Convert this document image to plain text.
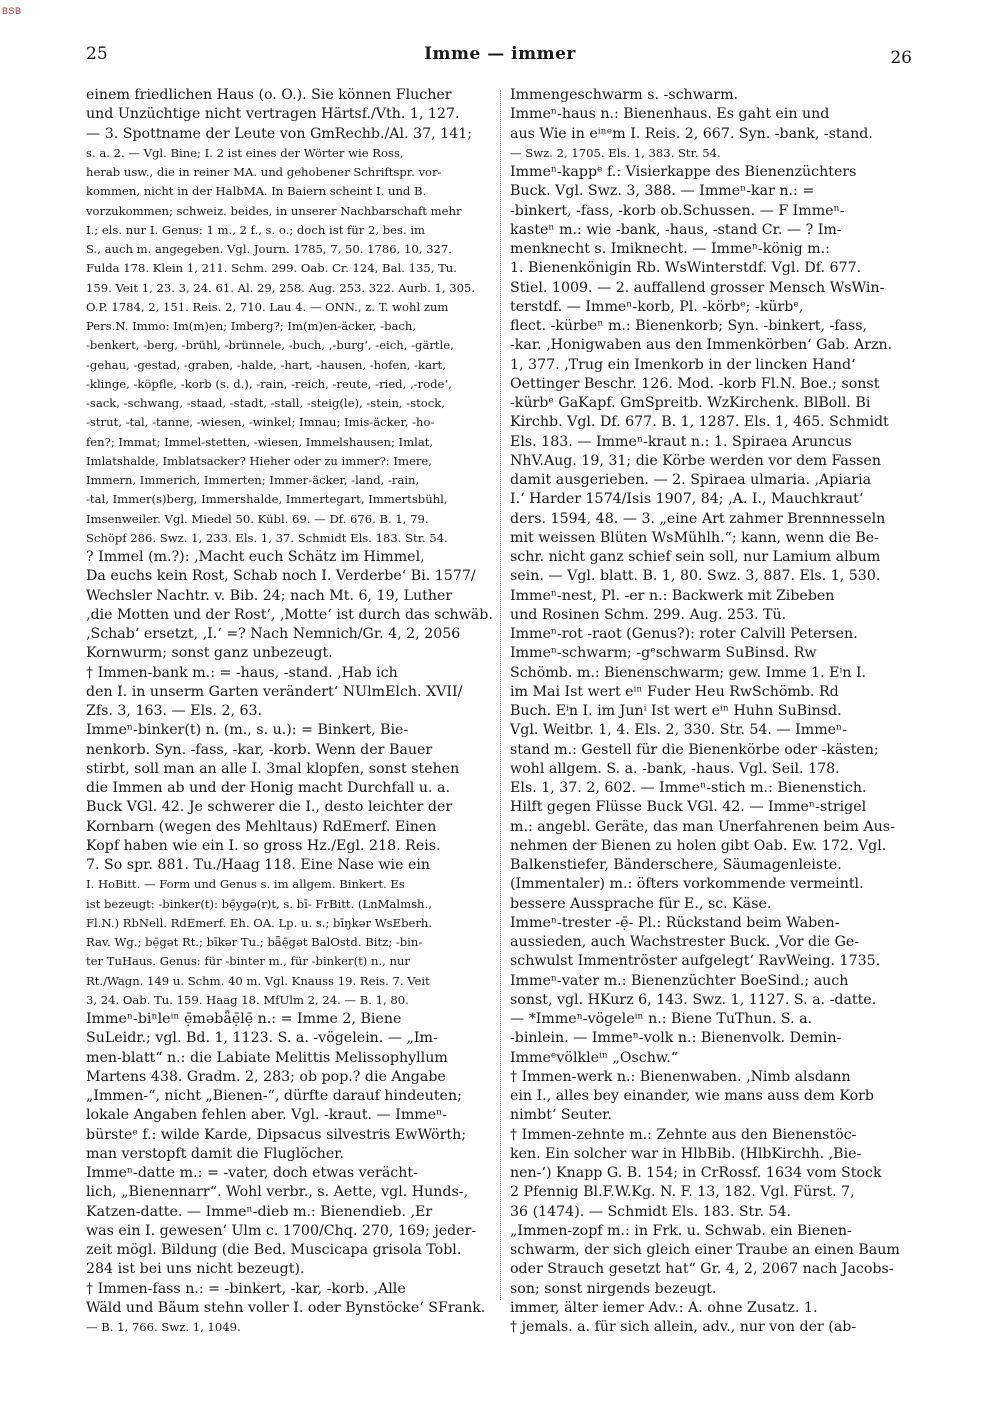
BSB
25	Imme — immer	26
einem friedlichen Haus (o. O.). Sie können Flucher
und Unzüchtige nicht vertragen Härtsf./Vth. 1, 127.
— 3. Spottname der Leute von GmRechb./Al. 37, 141;
s. a. 2. — Vgl. Bine; I. 2 ist eines der Wörter wie Ross,
herab usw., die in reiner MA. und gehobener Schriftspr. vor-
kommen, nicht in der HalbMA. In Baiern scheint I. und B.
vorzukommen; schweiz. beides, in unserer Nachbarschaft mehr
I.; els. nur I. Genus: 1 m., 2 f., s. o.; doch ist für 2, bes. im
S., auch m. angegeben. Vgl. Journ. 1785, 7, 50. 1786, 10, 327.
Fulda 178. Klein 1, 211. Schm. 299. Oab. Cr. 124, Bal. 135, Tu.
159. Veit 1, 23. 3, 24. 61. Al. 29, 258. Aug. 253. 322. Aurb. 1, 305.
O.P. 1784, 2, 151. Reis. 2, 710. Lau 4. — ONN., z. T. wohl zum
Pers.N. Immo: Im(m)en; Imberg?; Im(m)en-äcker, -bach,
-benkert, -berg, -brühl, -brünnele, -buch, ‚-burg‘, -eich, -gärtle,
-gehau, -gestad, -graben, -halde, -hart, -hausen, -hofen, -kart,
-klinge, -köpfle, -korb (s. d.), -rain, -reich, -reute, -ried, ‚-rode‘,
-sack, -schwang, -staad, -stadt, -stall, -steig(le), -stein, -stock,
-strut, -tal, -tanne, -wiesen, -winkel; Imnau; Imis-äcker, -ho-
fen?; Immat; Immel-stetten, -wiesen, Immelshausen; Imlat,
Imlatshalde, Imblatsacker? Hieher oder zu immer?: Imere,
Immern, Immerich, Immerten; Immer-äcker, -land, -rain,
-tal, Immer(s)berg, Immershalde, Immertegart, Immertsbühl,
Imsenweiler. Vgl. Miedel 50. Kübl. 69. — Df. 676. B. 1, 79.
Schöpf 286. Swz. 1, 233. Els. 1, 37. Schmidt Els. 183. Str. 54.
? Immel (m.?): ‚Macht euch Schätz im Himmel,
Da euchs kein Rost, Schab noch I. Verderbe‘ Bi. 1577/
Wechsler Nachtr. v. Bib. 24; nach Mt. 6, 19, Luther
‚die Motten und der Rost‘, ‚Motte‘ ist durch das schwäb.
‚Schab‘ ersetzt, ‚I.‘ =? Nach Nemnich/Gr. 4, 2, 2056
Kornwurm; sonst ganz unbezeugt.
† Immen-bank m.: = -haus, -stand. ‚Hab ich
den I. in unserm Garten verändert‘ NUlmElch. XVII/
Zfs. 3, 163. — Els. 2, 63.
Immeⁿ-binker(t) n. (m., s. u.): = Binkert, Bie-
nenkorb. Syn. -fass, -kar, -korb. Wenn der Bauer
stirbt, soll man an alle I. 3mal klopfen, sonst stehen
die Immen ab und der Honig macht Durchfall u. a.
Buck VGl. 42. Je schwerer die I., desto leichter der
Kornbarn (wegen des Mehltaus) RdEmerf. Einen
Kopf haben wie ein I. so gross Hz./Egl. 218. Reis.
7. So spr. 881. Tu./Haag 118. Eine Nase wie ein
I. HoBitt. — Form und Genus s. im allgem. Binkert. Es
ist bezeugt: -binker(t): bẹ̄ygə(r)t, s. bī- FrBitt. (LnMalmsh.,
Fl.N.) RbNell. RdEmerf. Eh. OA. Lp. u. s.; bīŋkər WsEberh.
Rav. Wg.; bẹ̄gət Rt.; bīkər Tu.; bǟẹ̄gət BalOstd. Bitz; -bin-
ter TuHaus. Genus: für -binter m., für -binker(t) n., nur
Rt./Wagn. 149 u. Schm. 40 m. Vgl. Knauss 19. Reis. 7. Veit
3, 24. Oab. Tu. 159. Haag 18. MfUlm 2, 24. — B. 1, 80.
Immeⁿ-biⁿleⁱⁿ ẹ̄məbǟẹ̄lẹ̄ n.: = Imme 2, Biene
SuLeidr.; vgl. Bd. 1, 1123. S. a. -vögelein. — „Im-
men-blatt“ n.: die Labiate Melittis Melissophyllum
Martens 438. Gradm. 2, 283; ob pop.? die Angabe
„Immen-“, nicht „Bienen-“, dürfte darauf hindeuten;
lokale Angaben fehlen aber. Vgl. -kraut. — Immeⁿ-
bürsteᵉ f.: wilde Karde, Dipsacus silvestris EwWörth;
man verstopft damit die Fluglöcher.
Immeⁿ-datte m.: = -vater, doch etwas verächt-
lich, „Bienennarr“. Wohl verbr., s. Aette, vgl. Hunds-,
Katzen-datte. — Immeⁿ-dieb m.: Bienendieb. ‚Er
was ein I. gewesen‘ Ulm c. 1700/Chq. 270, 169; jeder-
zeit mögl. Bildung (die Bed. Muscicapa grisola Tobl.
284 ist bei uns nicht bezeugt).
† Immen-fass n.: = -binkert, -kar, -korb. ‚Alle
Wäld und Bäum stehn voller I. oder Bynstöcke‘ SFrank.
— B. 1, 766. Swz. 1, 1049.
Immengeschwarm s. -schwarm.
Immeⁿ-haus n.: Bienenhaus. Es gaht ein und
aus Wie in eⁱⁿᵉm I. Reis. 2, 667. Syn. -bank, -stand.
— Swz. 2, 1705. Els. 1, 383. Str. 54.
Immeⁿ-kappᵉ f.: Visierkappe des Bienenzüchters
Buck. Vgl. Swz. 3, 388. — Immeⁿ-kar n.: =
-binkert, -fass, -korb ob.Schussen. — F Immeⁿ-
kasteⁿ m.: wie -bank, -haus, -stand Cr. — ? Im-
menknecht s. Imiknecht. — Immeⁿ-könig m.:
1. Bienenkönigin Rb. WsWinterstdf. Vgl. Df. 677.
Stiel. 1009. — 2. auffallend grosser Mensch WsWin-
terstdf. — Immeⁿ-korb, Pl. -körbᵉ; -kürbᵉ,
flect. -kürbeⁿ m.: Bienenkorb; Syn. -binkert, -fass,
-kar. ‚Honigwaben aus den Immenkörben‘ Gab. Arzn.
1, 377. ‚Trug ein Imenkorb in der lincken Hand‘
Oettinger Beschr. 126. Mod. -korb Fl.N. Boe.; sonst
-kürbᵉ GaKapf. GmSpreitb. WzKirchenk. BlBoll. Bi
Kirchb. Vgl. Df. 677. B. 1, 1287. Els. 1, 465. Schmidt
Els. 183. — Immeⁿ-kraut n.: 1. Spiraea Aruncus
NhV.Aug. 19, 31; die Körbe werden vor dem Fassen
damit ausgerieben. — 2. Spiraea ulmaria. ‚Apiaria
I.‘ Harder 1574/Isis 1907, 84; ‚A. I., Mauchkraut‘
ders. 1594, 48. — 3. „eine Art zahmer Brennnesseln
mit weissen Blüten WsMühlh.“; kann, wenn die Be-
schr. nicht ganz schief sein soll, nur Lamium album
sein. — Vgl. blatt. B. 1, 80. Swz. 3, 887. Els. 1, 530.
Immeⁿ-nest, Pl. -er n.: Backwerk mit Zibeben
und Rosinen Schm. 299. Aug. 253. Tü.
Immeⁿ-rot -raot (Genus?): roter Calvill Petersen.
Immeⁿ-schwarm; -gᵉschwarm SuBinsd. Rw
Schömb. m.: Bienenschwarm; gew. Imme 1. Eⁱn I.
im Mai Ist wert eⁱⁿ Fuder Heu RwSchömb. Rd
Buch. Eⁱn I. im Junⁱ Ist wert eⁱⁿ Huhn SuBinsd.
Vgl. Weitbr. 1, 4. Els. 2, 330. Str. 54. — Immeⁿ-
stand m.: Gestell für die Bienenkörbe oder -kästen;
wohl allgem. S. a. -bank, -haus. Vgl. Seil. 178.
Els. 1, 37. 2, 602. — Immeⁿ-stich m.: Bienenstich.
Hilft gegen Flüsse Buck VGl. 42. — Immeⁿ-strigel
m.: angebl. Geräte, das man Unerfahrenen beim Aus-
nehmen der Bienen zu holen gibt Oab. Ew. 172. Vgl.
Balkenstiefer, Bänderschere, Säumagenleiste.
(Immentaler) m.: öfters vorkommende vermeintl.
bessere Aussprache für E., sc. Käse.
Immeⁿ-trester -ẹ̄- Pl.: Rückstand beim Waben-
aussieden, auch Wachstrester Buck. ‚Vor die Ge-
schwulst Immentröster aufgelegt‘ RavWeing. 1735.
Immeⁿ-vater m.: Bienenzüchter BoeSind.; auch
sonst, vgl. HKurz 6, 143. Swz. 1, 1127. S. a. -datte.
— *Immeⁿ-vögeleⁱⁿ n.: Biene TuThun. S. a.
-binlein. — Immeⁿ-volk n.: Bienenvolk. Demin-
Immeᵉvölkleⁱⁿ „Oschw.“
† Immen-werk n.: Bienenwaben. ‚Nimb alsdann
ein I., alles bey einander, wie mans auss dem Korb
nimbt‘ Seuter.
† Immen-zehnte m.: Zehnte aus den Bienenstöc-
ken. Ein solcher war in HlbBib. (HlbKirchh. ‚Bie-
nen-‘) Knapp G. B. 154; in CrRossf. 1634 vom Stock
2 Pfennig Bl.F.W.Kg. N. F. 13, 182. Vgl. Fürst. 7,
36 (1474). — Schmidt Els. 183. Str. 54.
„Immen-zopf m.: in Frk. u. Schwab. ein Bienen-
schwarm, der sich gleich einer Traube an einen Baum
oder Strauch gesetzt hat“ Gr. 4, 2, 2067 nach Jacobs-
son; sonst nirgends bezeugt.
immer, älter iemer Adv.: A. ohne Zusatz. 1.
† jemals. a. für sich allein, adv., nur von der (ab-
